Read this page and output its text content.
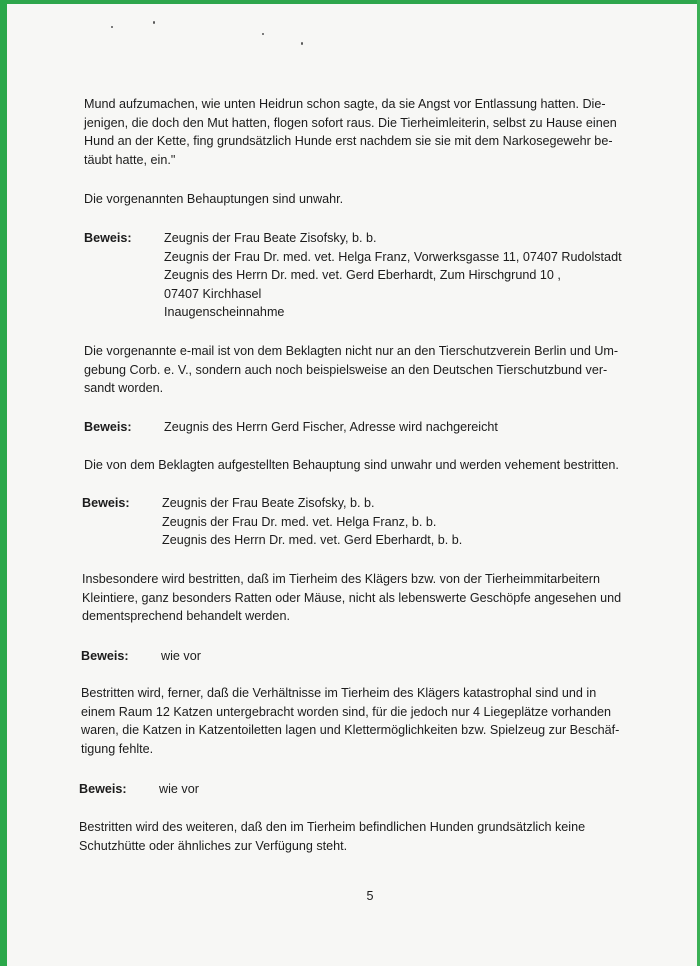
Mund aufzumachen, wie unten Heidrun schon sagte, da sie Angst vor Entlassung hatten. Die-
jenigen, die doch den Mut hatten, flogen sofort raus. Die Tierheimleiterin, selbst zu Hause einen
Hund an der Kette, fing grundsätzlich Hunde erst nachdem sie sie mit dem Narkosegewehr be-
täubt hatte, ein."
Die vorgenannten Behauptungen sind unwahr.
Beweis:	Zeugnis der Frau Beate Zisofsky, b. b.
Zeugnis der Frau Dr. med. vet. Helga Franz, Vorwerksgasse 11, 07407 Rudolstadt
Zeugnis des Herrn Dr. med. vet. Gerd Eberhardt, Zum Hirschgrund 10 ,
07407 Kirchhasel
Inaugenscheinnahme
Die vorgenannte e-mail ist von dem Beklagten nicht nur an den Tierschutzverein Berlin und Um-
gebung Corb. e. V., sondern auch noch beispielsweise an den Deutschen Tierschutzbund ver-
sandt worden.
Beweis:	Zeugnis des Herrn Gerd Fischer, Adresse wird nachgereicht
Die von dem Beklagten aufgestellten Behauptung sind unwahr und werden vehement bestritten.
Beweis:	Zeugnis der Frau Beate Zisofsky, b. b.
Zeugnis der Frau Dr. med. vet. Helga Franz, b. b.
Zeugnis des Herrn Dr. med. vet. Gerd Eberhardt, b. b.
Insbesondere wird bestritten, daß im Tierheim des Klägers bzw. von der Tierheimmitarbeitern
Kleintiere, ganz besonders Ratten oder Mäuse, nicht als lebenswerte Geschöpfe angesehen und
dementsprechend behandelt werden.
Beweis:	wie vor
Bestritten wird, ferner, daß die Verhältnisse im Tierheim des Klägers katastrophal sind und in
einem Raum 12 Katzen untergebracht worden sind, für die jedoch nur 4 Liegeplätze vorhanden
waren, die Katzen in Katzentoiletten lagen und Klettermöglichkeiten bzw. Spielzeug zur Beschäf-
tigung fehlte.
Beweis:	wie vor
Bestritten wird des weiteren, daß den im Tierheim befindlichen Hunden grundsätzlich keine
Schutzhütte oder ähnliches zur Verfügung steht.
5
